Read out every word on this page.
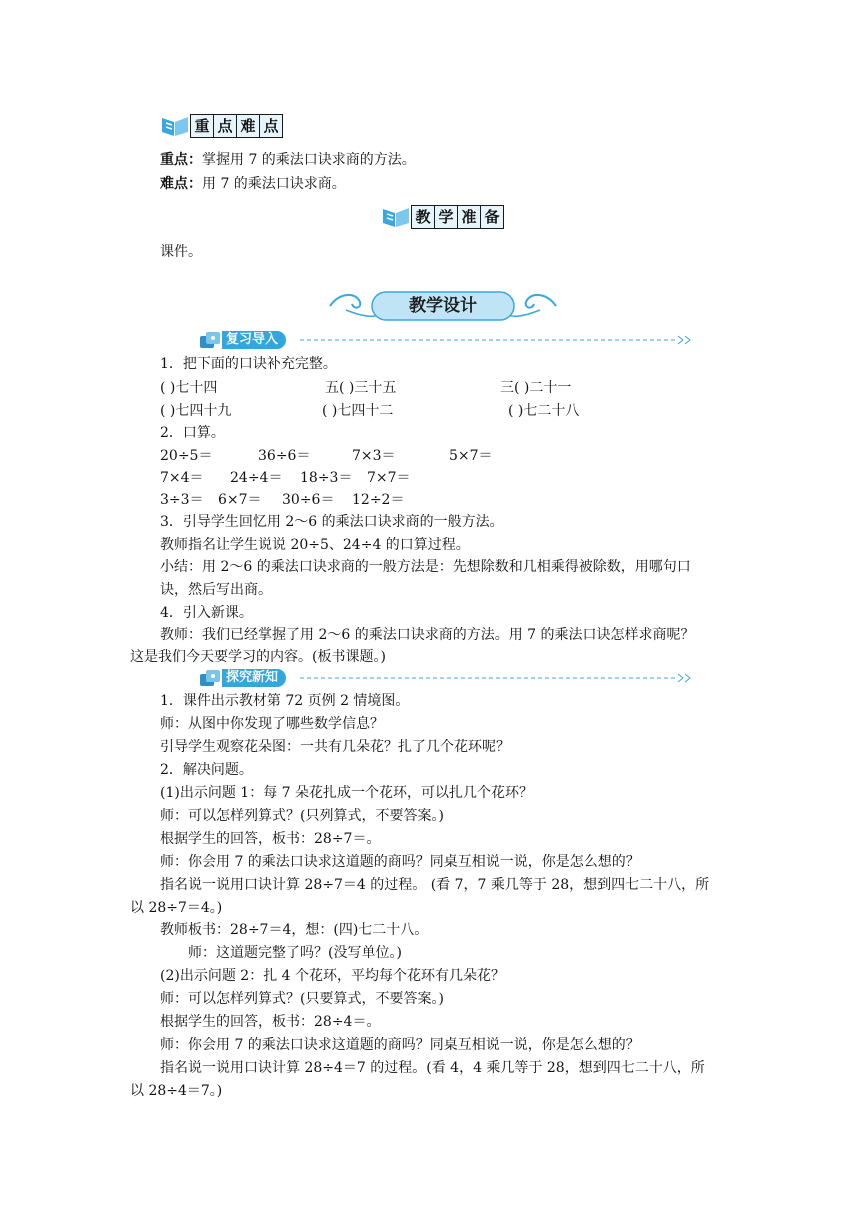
重 点 难 点
重点：掌握用 7 的乘法口诀求商的方法。
难点：用 7 的乘法口诀求商。
教 学 准 备
课件。
教学设计
复习导入
1．把下面的口诀补充完整。
( )七十四	五( )三十五	三( )二十一
( )七四十九	( )七四十二	( )七二十八
2．口算。
20÷5＝	36÷6＝	7×3＝	5×7＝
7×4＝ 24÷4＝ 18÷3＝ 7×7＝
3÷3＝ 6×7＝ 30÷6＝ 12÷2＝
3．引导学生回忆用 2～6 的乘法口诀求商的一般方法。
教师指名让学生说说 20÷5、24÷4 的口算过程。
小结：用 2～6 的乘法口诀求商的一般方法是：先想除数和几相乘得被除数，用哪句口
诀，然后写出商。
4．引入新课。
教师：我们已经掌握了用 2～6 的乘法口诀求商的方法。用 7 的乘法口诀怎样求商呢？
这是我们今天要学习的内容。(板书课题。)
探究新知
1．课件出示教材第 72 页例 2 情境图。
师：从图中你发现了哪些数学信息？
引导学生观察花朵图：一共有几朵花？扎了几个花环呢？
2．解决问题。
(1)出示问题 1：每 7 朵花扎成一个花环，可以扎几个花环？
师：可以怎样列算式？(只列算式，不要答案。)
根据学生的回答，板书：28÷7＝。
师：你会用 7 的乘法口诀求这道题的商吗？同桌互相说一说，你是怎么想的？
指名说一说用口诀计算 28÷7＝4 的过程。 (看 7，7 乘几等于 28，想到四七二十八，所
以 28÷7＝4。)
教师板书：28÷7＝4，想：(四)七二十八。
师：这道题完整了吗？(没写单位。)
(2)出示问题 2：扎 4 个花环，平均每个花环有几朵花？
师：可以怎样列算式？(只要算式，不要答案。)
根据学生的回答，板书：28÷4＝。
师：你会用 7 的乘法口诀求这道题的商吗？同桌互相说一说，你是怎么想的？
指名说一说用口诀计算 28÷4＝7 的过程。(看 4，4 乘几等于 28，想到四七二十八，所
以 28÷4＝7。)
